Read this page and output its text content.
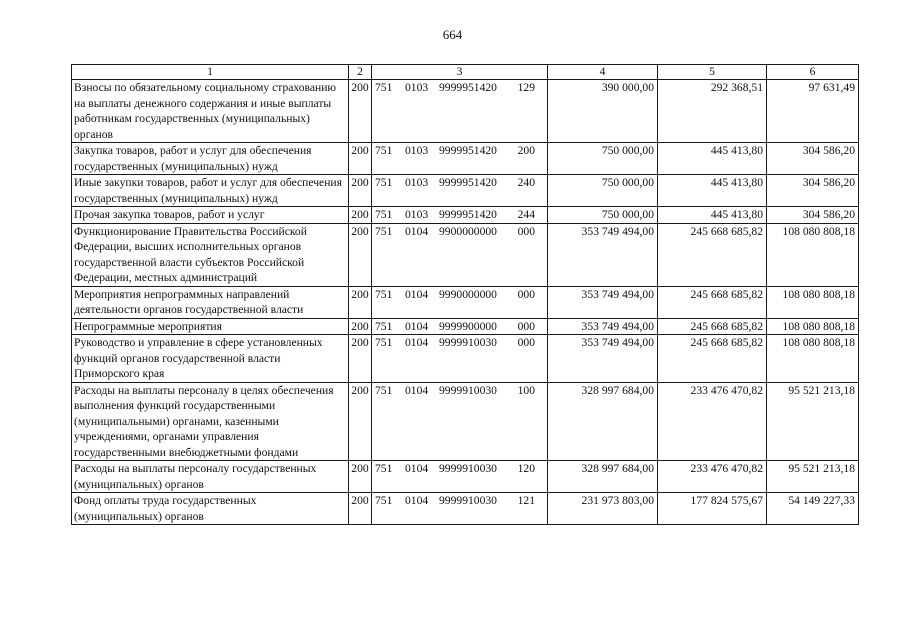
664
1	2	3	4	5	6
Взносы по обязательному социальному страхованию на выплаты денежного содержания и иные выплаты работникам государственных (муниципальных) органов	200	751 0103 9999951420 129	390 000,00	292 368,51	97 631,49
Закупка товаров, работ и услуг для обеспечения государственных (муниципальных) нужд	200	751 0103 9999951420 200	750 000,00	445 413,80	304 586,20
Иные закупки товаров, работ и услуг для обеспечения государственных (муниципальных) нужд	200	751 0103 9999951420 240	750 000,00	445 413,80	304 586,20
Прочая закупка товаров, работ и услуг	200	751 0103 9999951420 244	750 000,00	445 413,80	304 586,20
Функционирование Правительства Российской Федерации, высших исполнительных органов государственной власти субъектов Российской Федерации, местных администраций	200	751 0104 9900000000 000	353 749 494,00	245 668 685,82	108 080 808,18
Мероприятия непрограммных направлений деятельности органов государственной власти	200	751 0104 9990000000 000	353 749 494,00	245 668 685,82	108 080 808,18
Непрограммные мероприятия	200	751 0104 9999900000 000	353 749 494,00	245 668 685,82	108 080 808,18
Руководство и управление в сфере установленных функций органов государственной власти Приморского края	200	751 0104 9999910030 000	353 749 494,00	245 668 685,82	108 080 808,18
Расходы на выплаты персоналу в целях обеспечения выполнения функций государственными (муниципальными) органами, казенными учреждениями, органами управления государственными внебюджетными фондами	200	751 0104 9999910030 100	328 997 684,00	233 476 470,82	95 521 213,18
Расходы на выплаты персоналу государственных (муниципальных) органов	200	751 0104 9999910030 120	328 997 684,00	233 476 470,82	95 521 213,18
Фонд оплаты труда государственных (муниципальных) органов	200	751 0104 9999910030 121	231 973 803,00	177 824 575,67	54 149 227,33
